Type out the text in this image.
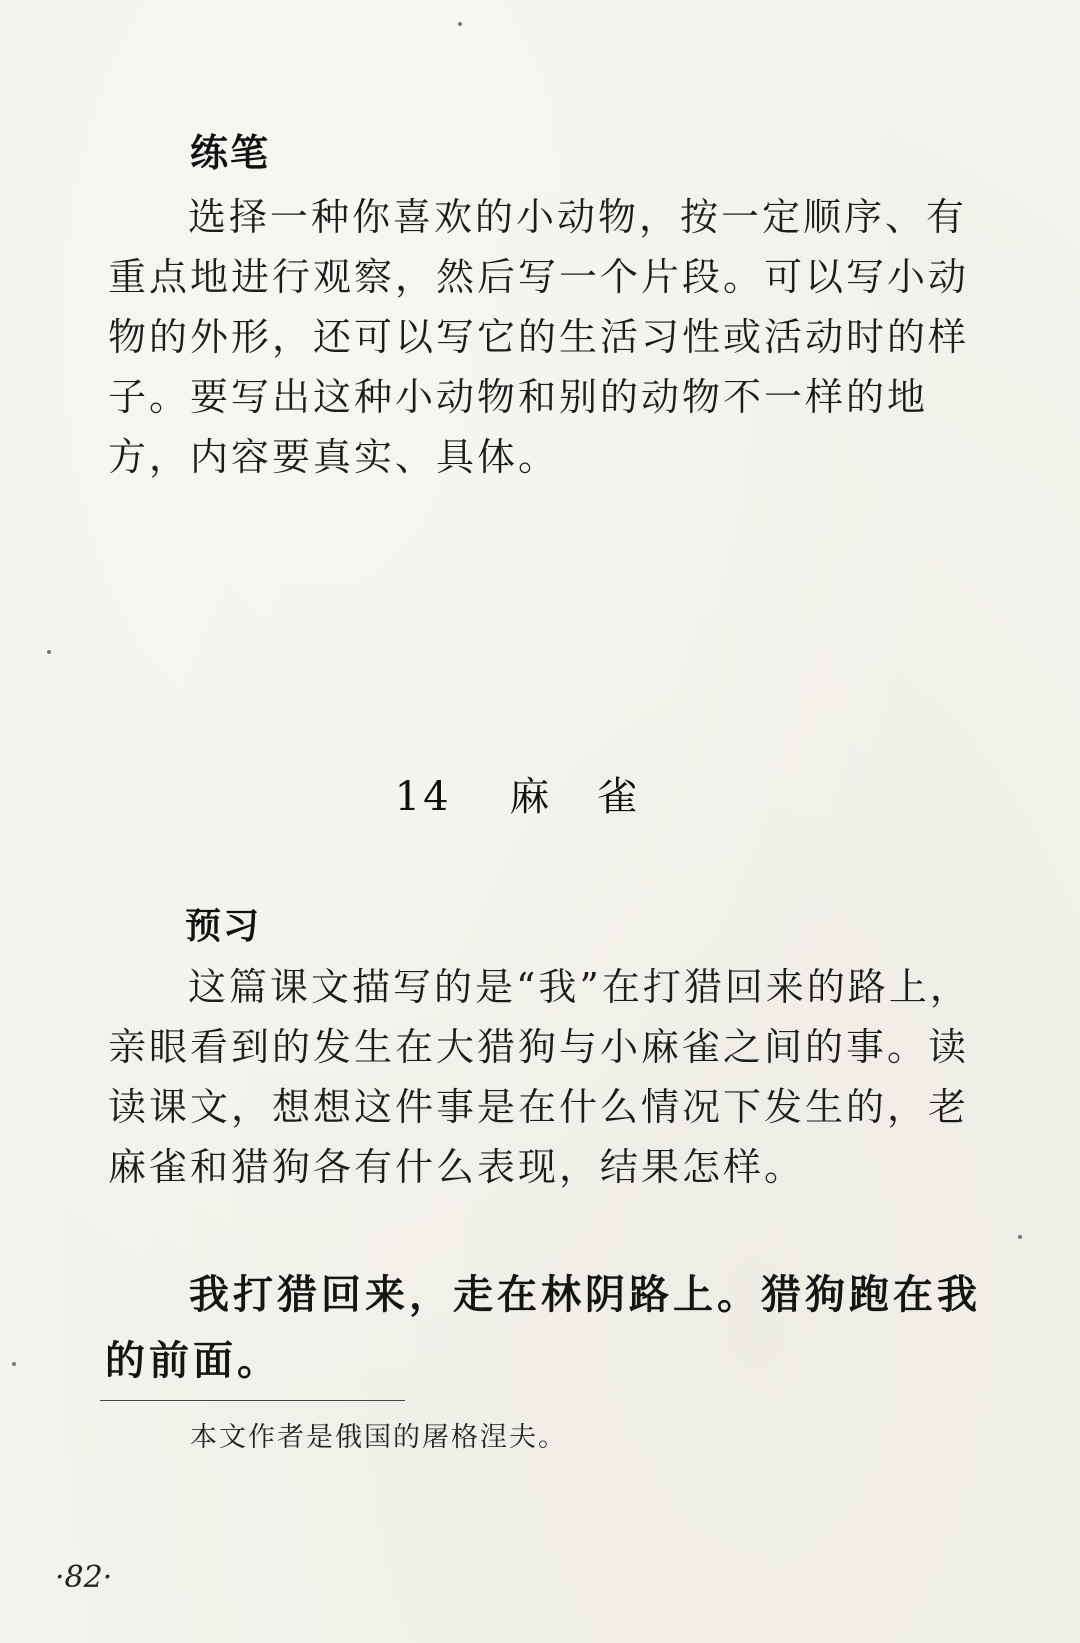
练笔

选择一种你喜欢的小动物，按一定顺序、有重点地进行观察，然后写一个片段。可以写小动物的外形，还可以写它的生活习性或活动时的样子。要写出这种小动物和别的动物不一样的地方，内容要真实、具体。

14 麻雀
预习

这篇课文描写的是“我”在打猎回来的路上，亲眼看到的发生在大猎狗与小麻雀之间的事。读读课文，想想这件事是在什么情况下发生的，老麻雀和猎狗各有什么表现，结果怎样。

我打猎回来，走在林阴路上。猎狗跑在我的前面。

本文作者是俄国的屠格涅夫。
·82·
